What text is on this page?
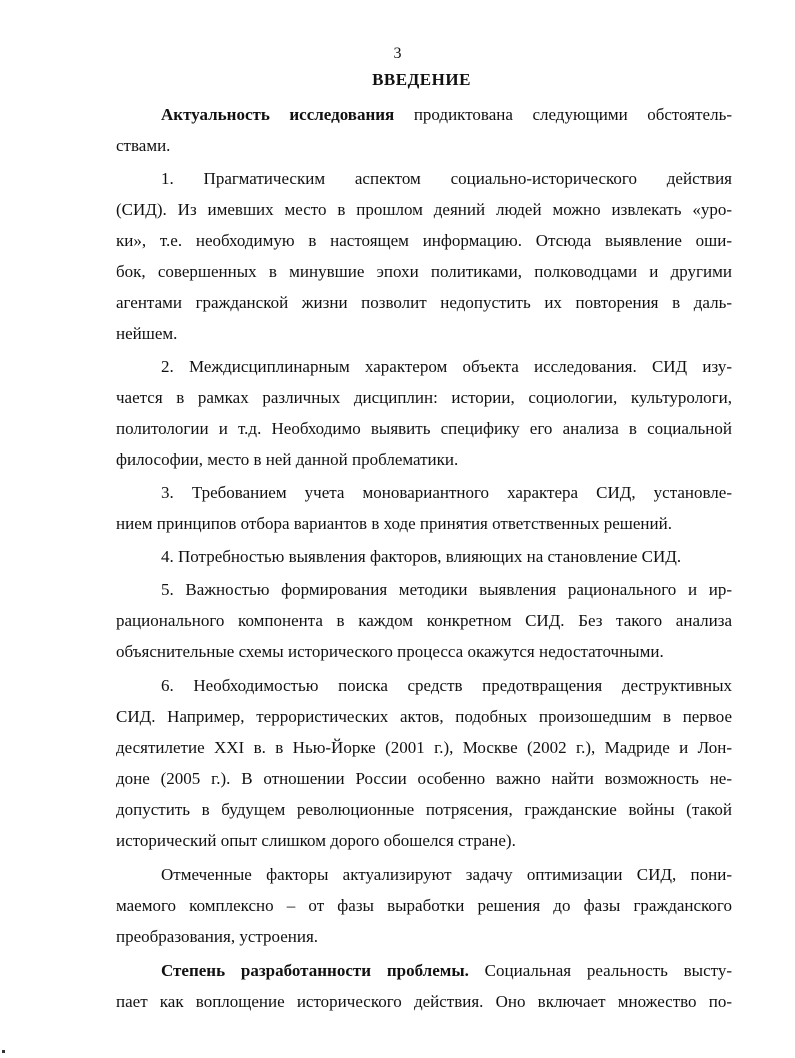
3
ВВЕДЕНИЕ
Актуальность исследования продиктована следующими обстоятель-
ствами.
1. Прагматическим аспектом социально-исторического действия
(СИД). Из имевших место в прошлом деяний людей можно извлекать «уро-
ки», т.е. необходимую в настоящем информацию. Отсюда выявление оши-
бок, совершенных в минувшие эпохи политиками, полководцами и другими
агентами гражданской жизни позволит недопустить их повторения в даль-
нейшем.
2. Междисциплинарным характером объекта исследования. СИД изу-
чается в рамках различных дисциплин: истории, социологии, культурологи,
политологии и т.д. Необходимо выявить специфику его анализа в социальной
философии, место в ней данной проблематики.
3. Требованием учета моновариантного характера СИД, установле-
нием принципов отбора вариантов в ходе принятия ответственных решений.
4. Потребностью выявления факторов, влияющих на становление СИД.
5. Важностью формирования методики выявления рационального и ир-
рационального компонента в каждом конкретном СИД. Без такого анализа
объяснительные схемы исторического процесса окажутся недостаточными.
6. Необходимостью поиска средств предотвращения деструктивных
СИД. Например, террористических актов, подобных произошедшим в первое
десятилетие XXI в. в Нью-Йорке (2001 г.), Москве (2002 г.), Мадриде и Лон-
доне (2005 г.). В отношении России особенно важно найти возможность не-
допустить в будущем революционные потрясения, гражданские войны (такой
исторический опыт слишком дорого обошелся стране).
Отмеченные факторы актуализируют задачу оптимизации СИД, пони-
маемого комплексно – от фазы выработки решения до фазы гражданского
преобразования, устроения.
Степень разработанности проблемы. Социальная реальность высту-
пает как воплощение исторического действия. Оно включает множество по-
